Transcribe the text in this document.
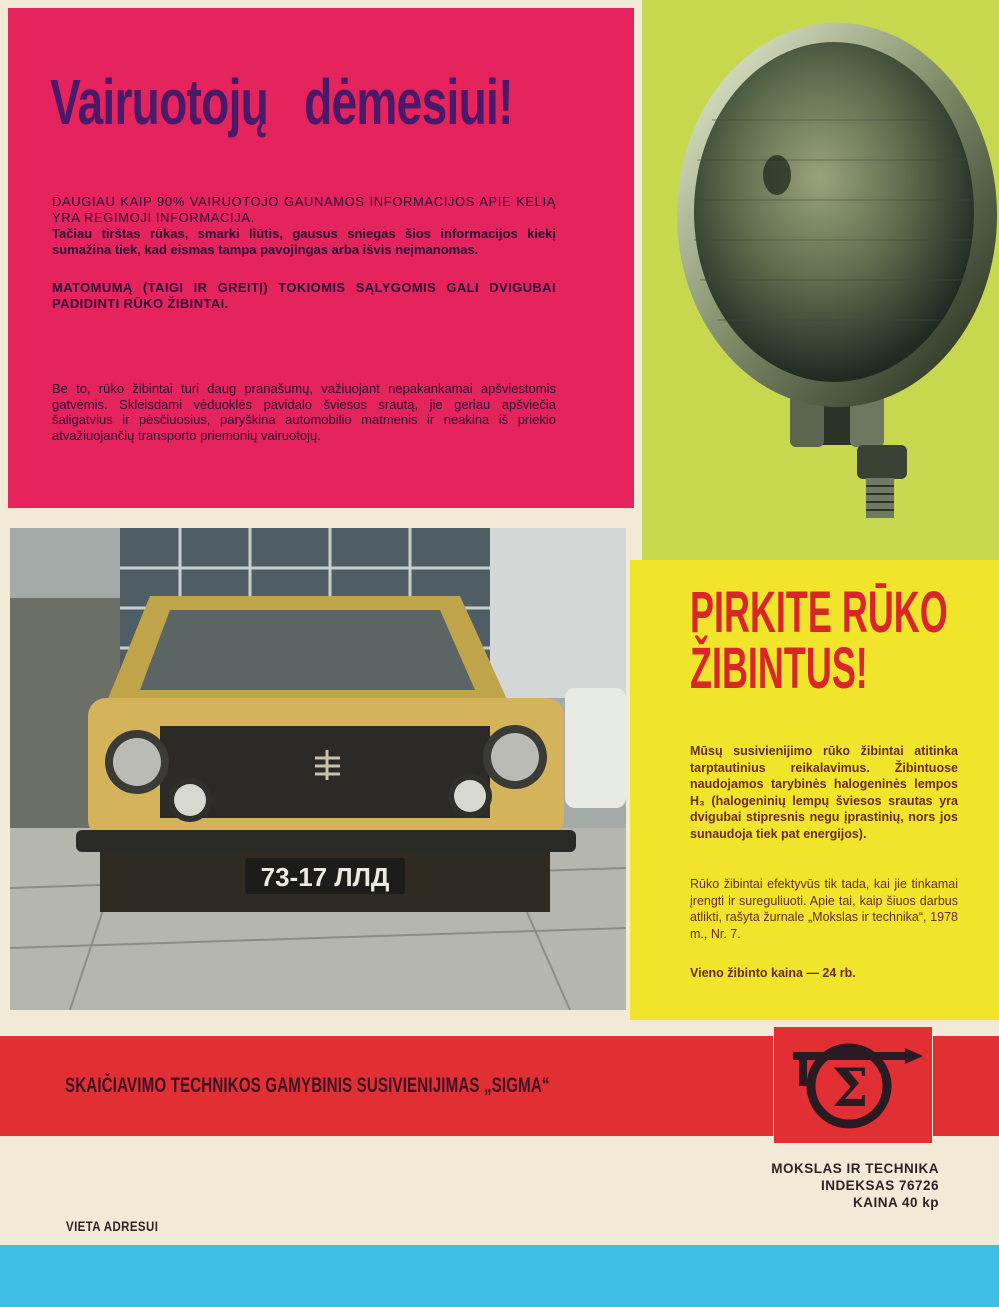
Vairuotojų dėmesiui!
DAUGIAU KAIP 90% VAIRUOTOJO GAUNAMOS INFORMACIJOS APIE KELIĄ YRA REGIMOJI INFORMACIJA.
Tačiau tirštas rūkas, smarki liūtis, gausus sniegas šios informacijos kiekį sumažina tiek, kad eismas tampa pavojingas arba išvis neįmanomas.
MATOMUMĄ (TAIGI IR GREITĮ) TOKIOMIS SĄLYGOMIS GALI DVIGUBAI PADIDINTI RŪKO ŽIBINTAI.
Be to, rūko žibintai turi daug pranašumų, važiuojant nepakankamai apšviestomis gatvėmis. Skleisdami vėduoklės pavidalo šviesos srautą, jie geriau apšviečia šaligatvius ir pėsčiuosius, paryškina automobilio matmenis ir neakina iš priekio atvažiuojančių transporto priemonių vairuotojų.
73-17 ЛЛД
PIRKITE RŪKO
ŽIBINTUS!
Mūsų susivienijimo rūko žibintai atitinka tarptautinius reikalavimus. Žibintuose naudojamos tarybinės halogeninės lempos H₃ (halogeninių lempų šviesos srautas yra dvigubai stipresnis negu įprastinių, nors jos sunaudoja tiek pat energijos).
Rūko žibintai efektyvūs tik tada, kai jie tinkamai įrengti ir sureguliuoti. Apie tai, kaip šiuos darbus atlikti, rašyta žurnale „Mokslas ir technika“, 1978 m., Nr. 7.
Vieno žibinto kaina — 24 rb.
SKAIČIAVIMO TECHNIKOS GAMYBINIS SUSIVIENIJIMAS „SIGMA“	Σ
VIETA ADRESUI
MOKSLAS IR TECHNIKA
INDEKSAS 76726
KAINA 40 kp
